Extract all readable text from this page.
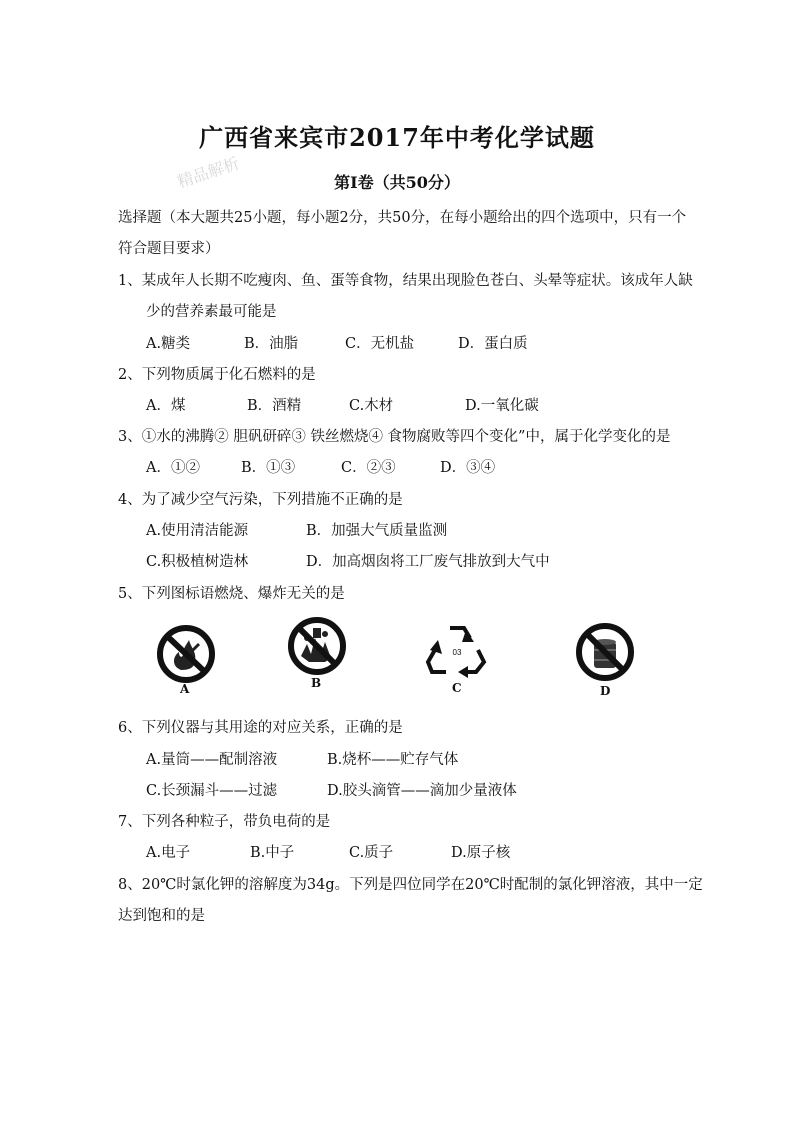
广西省来宾市2017年中考化学试题
精品解析	第I卷（共50分）
选择题（本大题共25小题，每小题2分，共50分，在每小题给出的四个选项中，只有一个
符合题目要求）
1、某成年人长期不吃瘦肉、鱼、蛋等食物，结果出现脸色苍白、头晕等症状。该成年人缺
少的营养素最可能是
A.糖类	B．油脂	C．无机盐	D．蛋白质
2、下列物质属于化石燃料的是
A．煤	B．酒精	C.木材	D.一氧化碳
3、①水的沸腾② 胆矾研碎③ 铁丝燃烧④ 食物腐败等四个变化”中，属于化学变化的是
A．①②	B．①③	C．②③	D．③④
4、为了减少空气污染，下列措施不正确的是
A.使用清洁能源	B．加强大气质量监测
C.积极植树造林	D．加高烟囱将工厂废气排放到大气中
5、下列图标语燃烧、爆炸无关的是
A	B
03
C	D
6、下列仪器与其用途的对应关系，正确的是
A.量筒——配制溶液	B.烧杯——贮存气体
C.长颈漏斗——过滤	D.胶头滴管——滴加少量液体
7、下列各种粒子，带负电荷的是
A.电子	B.中子	C.质子	D.原子核
8、20℃时氯化钾的溶解度为34g。下列是四位同学在20℃时配制的氯化钾溶液，其中一定
达到饱和的是
